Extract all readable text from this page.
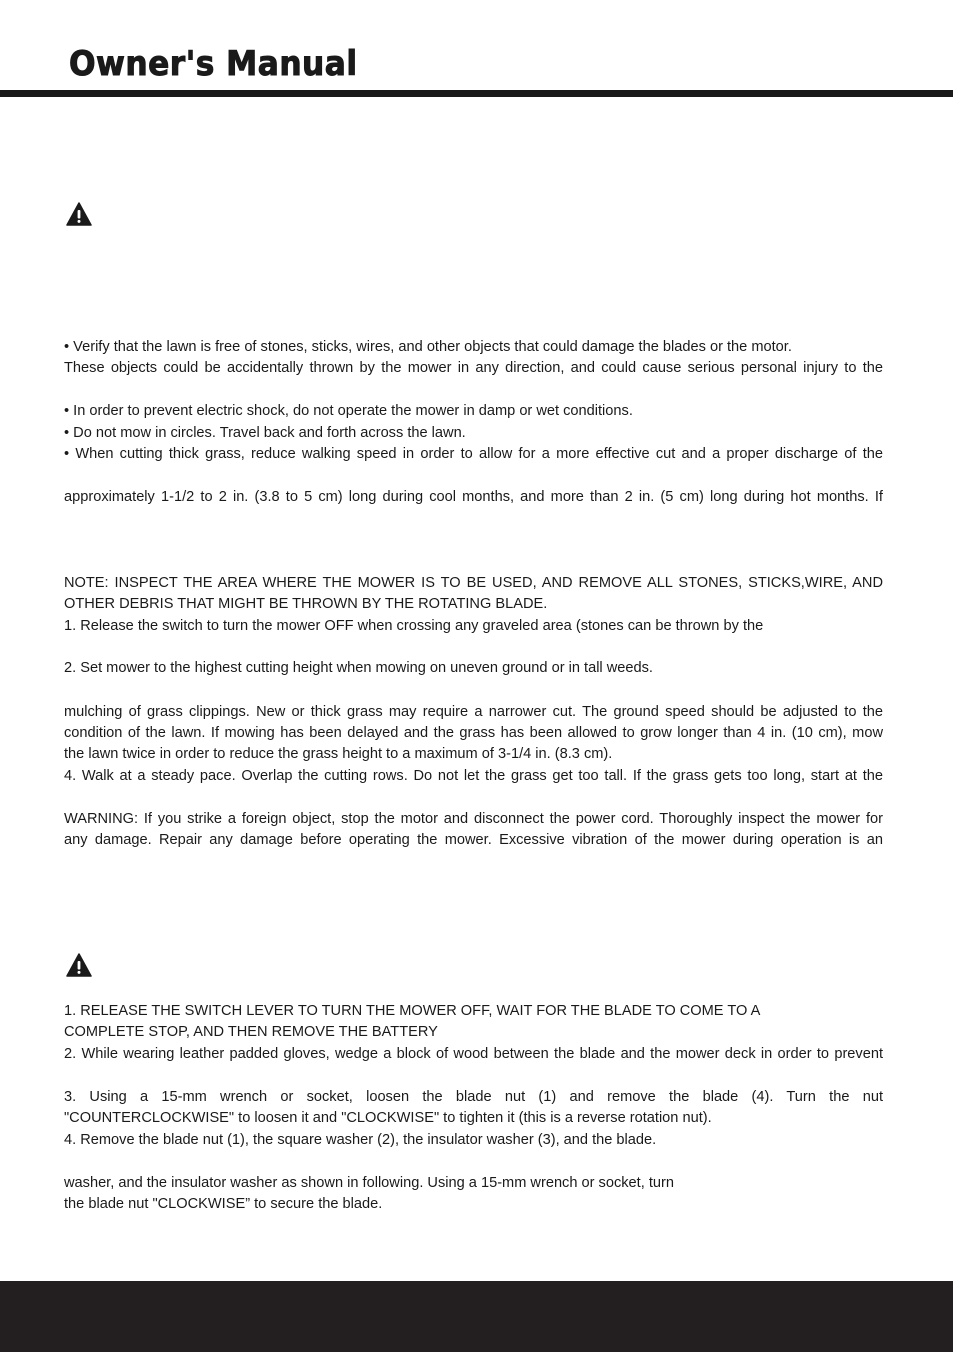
Owner's Manual
• Verify that the lawn is free of stones, sticks, wires, and other objects that could damage the blades or the motor.
These objects could be accidentally thrown by the mower in any direction, and could cause serious personal injury to the
• In order to prevent electric shock, do not operate the mower in damp or wet conditions.
• Do not mow in circles. Travel back and forth across the lawn.
• When cutting thick grass, reduce walking speed in order to allow for a more effective cut and a proper discharge of the
approximately 1-1/2 to 2 in. (3.8 to 5 cm) long during cool months, and more than 2 in. (5 cm) long during hot months. If
NOTE: INSPECT THE AREA WHERE THE MOWER IS TO BE USED, AND REMOVE ALL STONES, STICKS,WIRE, AND
OTHER DEBRIS THAT MIGHT BE THROWN BY THE ROTATING BLADE.
1. Release the switch to turn the mower OFF when crossing any graveled area (stones can be thrown by the
2. Set mower to the highest cutting height when mowing on uneven ground or in tall weeds.
mulching of grass clippings. New or thick grass may require a narrower cut. The ground speed should be adjusted to the
condition of the lawn. If mowing has been delayed and the grass has been allowed to grow longer than 4 in. (10 cm), mow
the lawn twice in order to reduce the grass height to a maximum of 3-1/4 in. (8.3 cm).
4. Walk at a steady pace. Overlap the cutting rows. Do not let the grass get too tall. If the grass gets too long, start at the
WARNING: If you strike a foreign object, stop the motor and disconnect the power cord. Thoroughly inspect the mower for
any damage. Repair any damage before operating the mower. Excessive vibration of the mower during operation is an
1. RELEASE THE SWITCH LEVER TO TURN THE MOWER OFF, WAIT FOR THE BLADE TO COME TO A
COMPLETE STOP, AND THEN REMOVE THE BATTERY
2. While wearing leather padded gloves, wedge a block of wood between the blade and the mower deck in order to prevent
3. Using a 15-mm wrench or socket, loosen the blade nut (1) and remove the blade (4). Turn the nut
"COUNTERCLOCKWISE" to loosen it and "CLOCKWISE" to tighten it (this is a reverse rotation nut).
4. Remove the blade nut (1), the square washer (2), the insulator washer (3), and the blade.
washer, and the insulator washer as shown in following. Using a 15-mm wrench or socket, turn
the blade nut "CLOCKWISE” to secure the blade.
